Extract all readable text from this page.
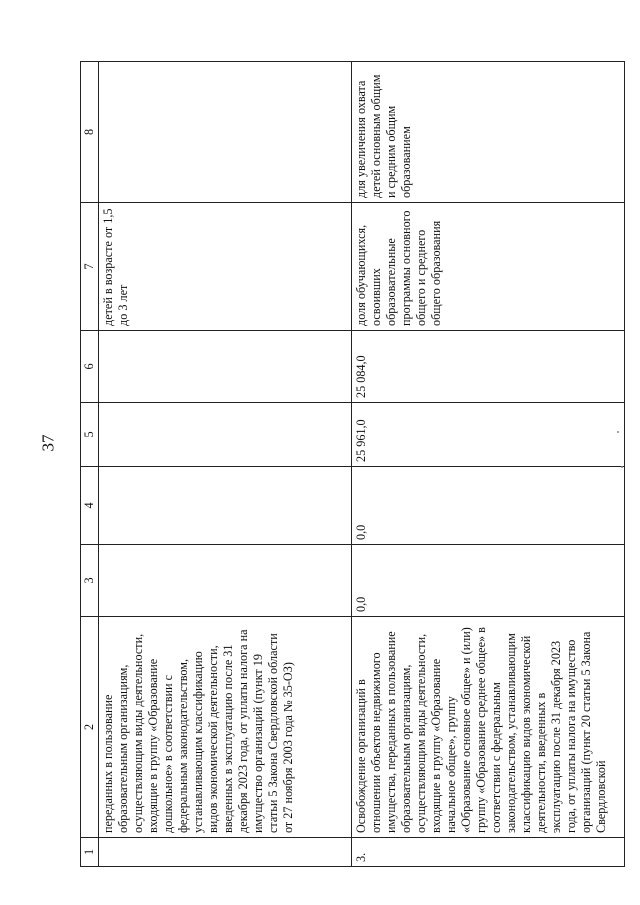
37
1	2	3	4	5	6	7	8
	переданных в пользование образовательным организациям, осуществляющим виды деятельности, входящие в группу «Образование дошкольное» в соответствии с федеральным законодательством, устанавливающим классификацию видов экономической деятельности, введенных в эксплуатацию после 31 декабря 2023 года, от уплаты налога на имущество организаций (пункт 19 статьи 5 Закона Свердловской области от 27 ноября 2003 года № 35-ОЗ)					детей в возрасте от 1,5 до 3 лет	
3.	Освобождение организаций в отношении объектов недвижимого имущества, переданных в пользование образовательным организациям, осуществляющим виды деятельности, входящие в группу «Образование начальное общее», группу «Образование основное общее» и (или) группу «Образование среднее общее» в соответствии с федеральным законодательством, устанавливающим классификацию видов экономической деятельности, введенных в эксплуатацию после 31 декабря 2023 года, от уплаты налога на имущество организаций (пункт 20 статьи 5 Закона Свердловской	0,0	0,0	25 961,0	25 084,0	доля обучающихся, освоивших образовательные программы основного общего и среднего общего образования	для увеличения охвата детей основным общим и средним общим образованием
